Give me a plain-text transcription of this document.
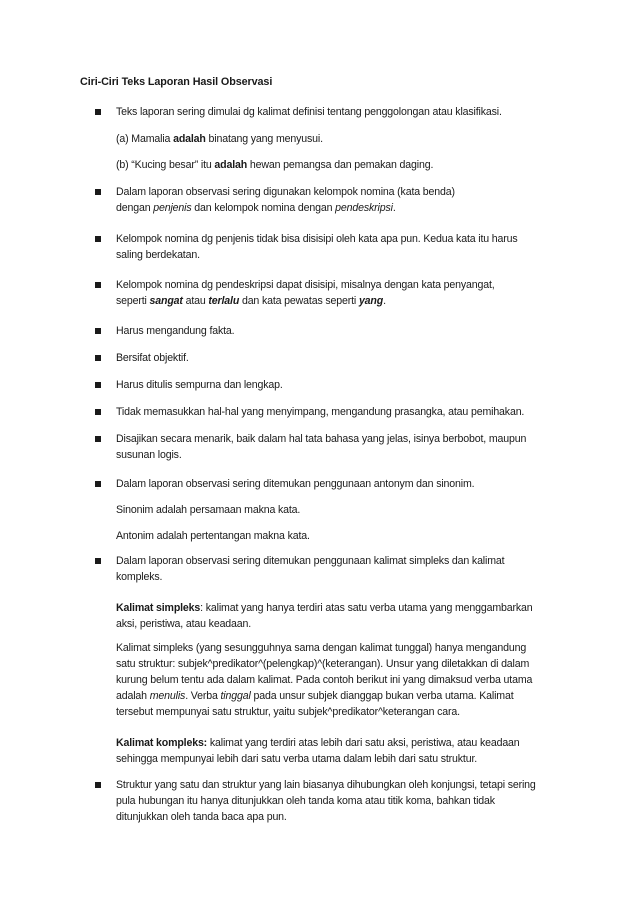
Ciri-Ciri Teks Laporan Hasil Observasi
Teks laporan sering dimulai dg kalimat definisi tentang penggolongan atau klasifikasi.
(a) Mamalia adalah binatang yang menyusui.
(b) “Kucing besar” itu adalah hewan pemangsa dan pemakan daging.
Dalam laporan observasi sering digunakan kelompok nomina (kata benda)
dengan penjenis dan kelompok nomina dengan pendeskripsi.
Kelompok nomina dg penjenis tidak bisa disisipi oleh kata apa pun. Kedua kata itu harus
saling berdekatan.
Kelompok nomina dg pendeskripsi dapat disisipi, misalnya dengan kata penyangat,
seperti sangat atau terlalu dan kata pewatas seperti yang.
Harus mengandung fakta.
Bersifat objektif.
Harus ditulis sempurna dan lengkap.
Tidak memasukkan hal-hal yang menyimpang, mengandung prasangka, atau pemihakan.
Disajikan secara menarik, baik dalam hal tata bahasa yang jelas, isinya berbobot, maupun
susunan logis.
Dalam laporan observasi sering ditemukan penggunaan antonym dan sinonim.
Sinonim adalah persamaan makna kata.
Antonim adalah pertentangan makna kata.
Dalam laporan observasi sering ditemukan penggunaan kalimat simpleks dan kalimat
kompleks.
Kalimat simpleks: kalimat yang hanya terdiri atas satu verba utama yang menggambarkan
aksi, peristiwa, atau keadaan.
Kalimat simpleks (yang sesungguhnya sama dengan kalimat tunggal) hanya mengandung
satu struktur: subjek^predikator^(pelengkap)^(keterangan). Unsur yang diletakkan di dalam
kurung belum tentu ada dalam kalimat. Pada contoh berikut ini yang dimaksud verba utama
adalah menulis. Verba tinggal pada unsur subjek dianggap bukan verba utama. Kalimat
tersebut mempunyai satu struktur, yaitu subjek^predikator^keterangan cara.
Kalimat kompleks: kalimat yang terdiri atas lebih dari satu aksi, peristiwa, atau keadaan
sehingga mempunyai lebih dari satu verba utama dalam lebih dari satu struktur.
Struktur yang satu dan struktur yang lain biasanya dihubungkan oleh konjungsi, tetapi sering
pula hubungan itu hanya ditunjukkan oleh tanda koma atau titik koma, bahkan tidak
ditunjukkan oleh tanda baca apa pun.
